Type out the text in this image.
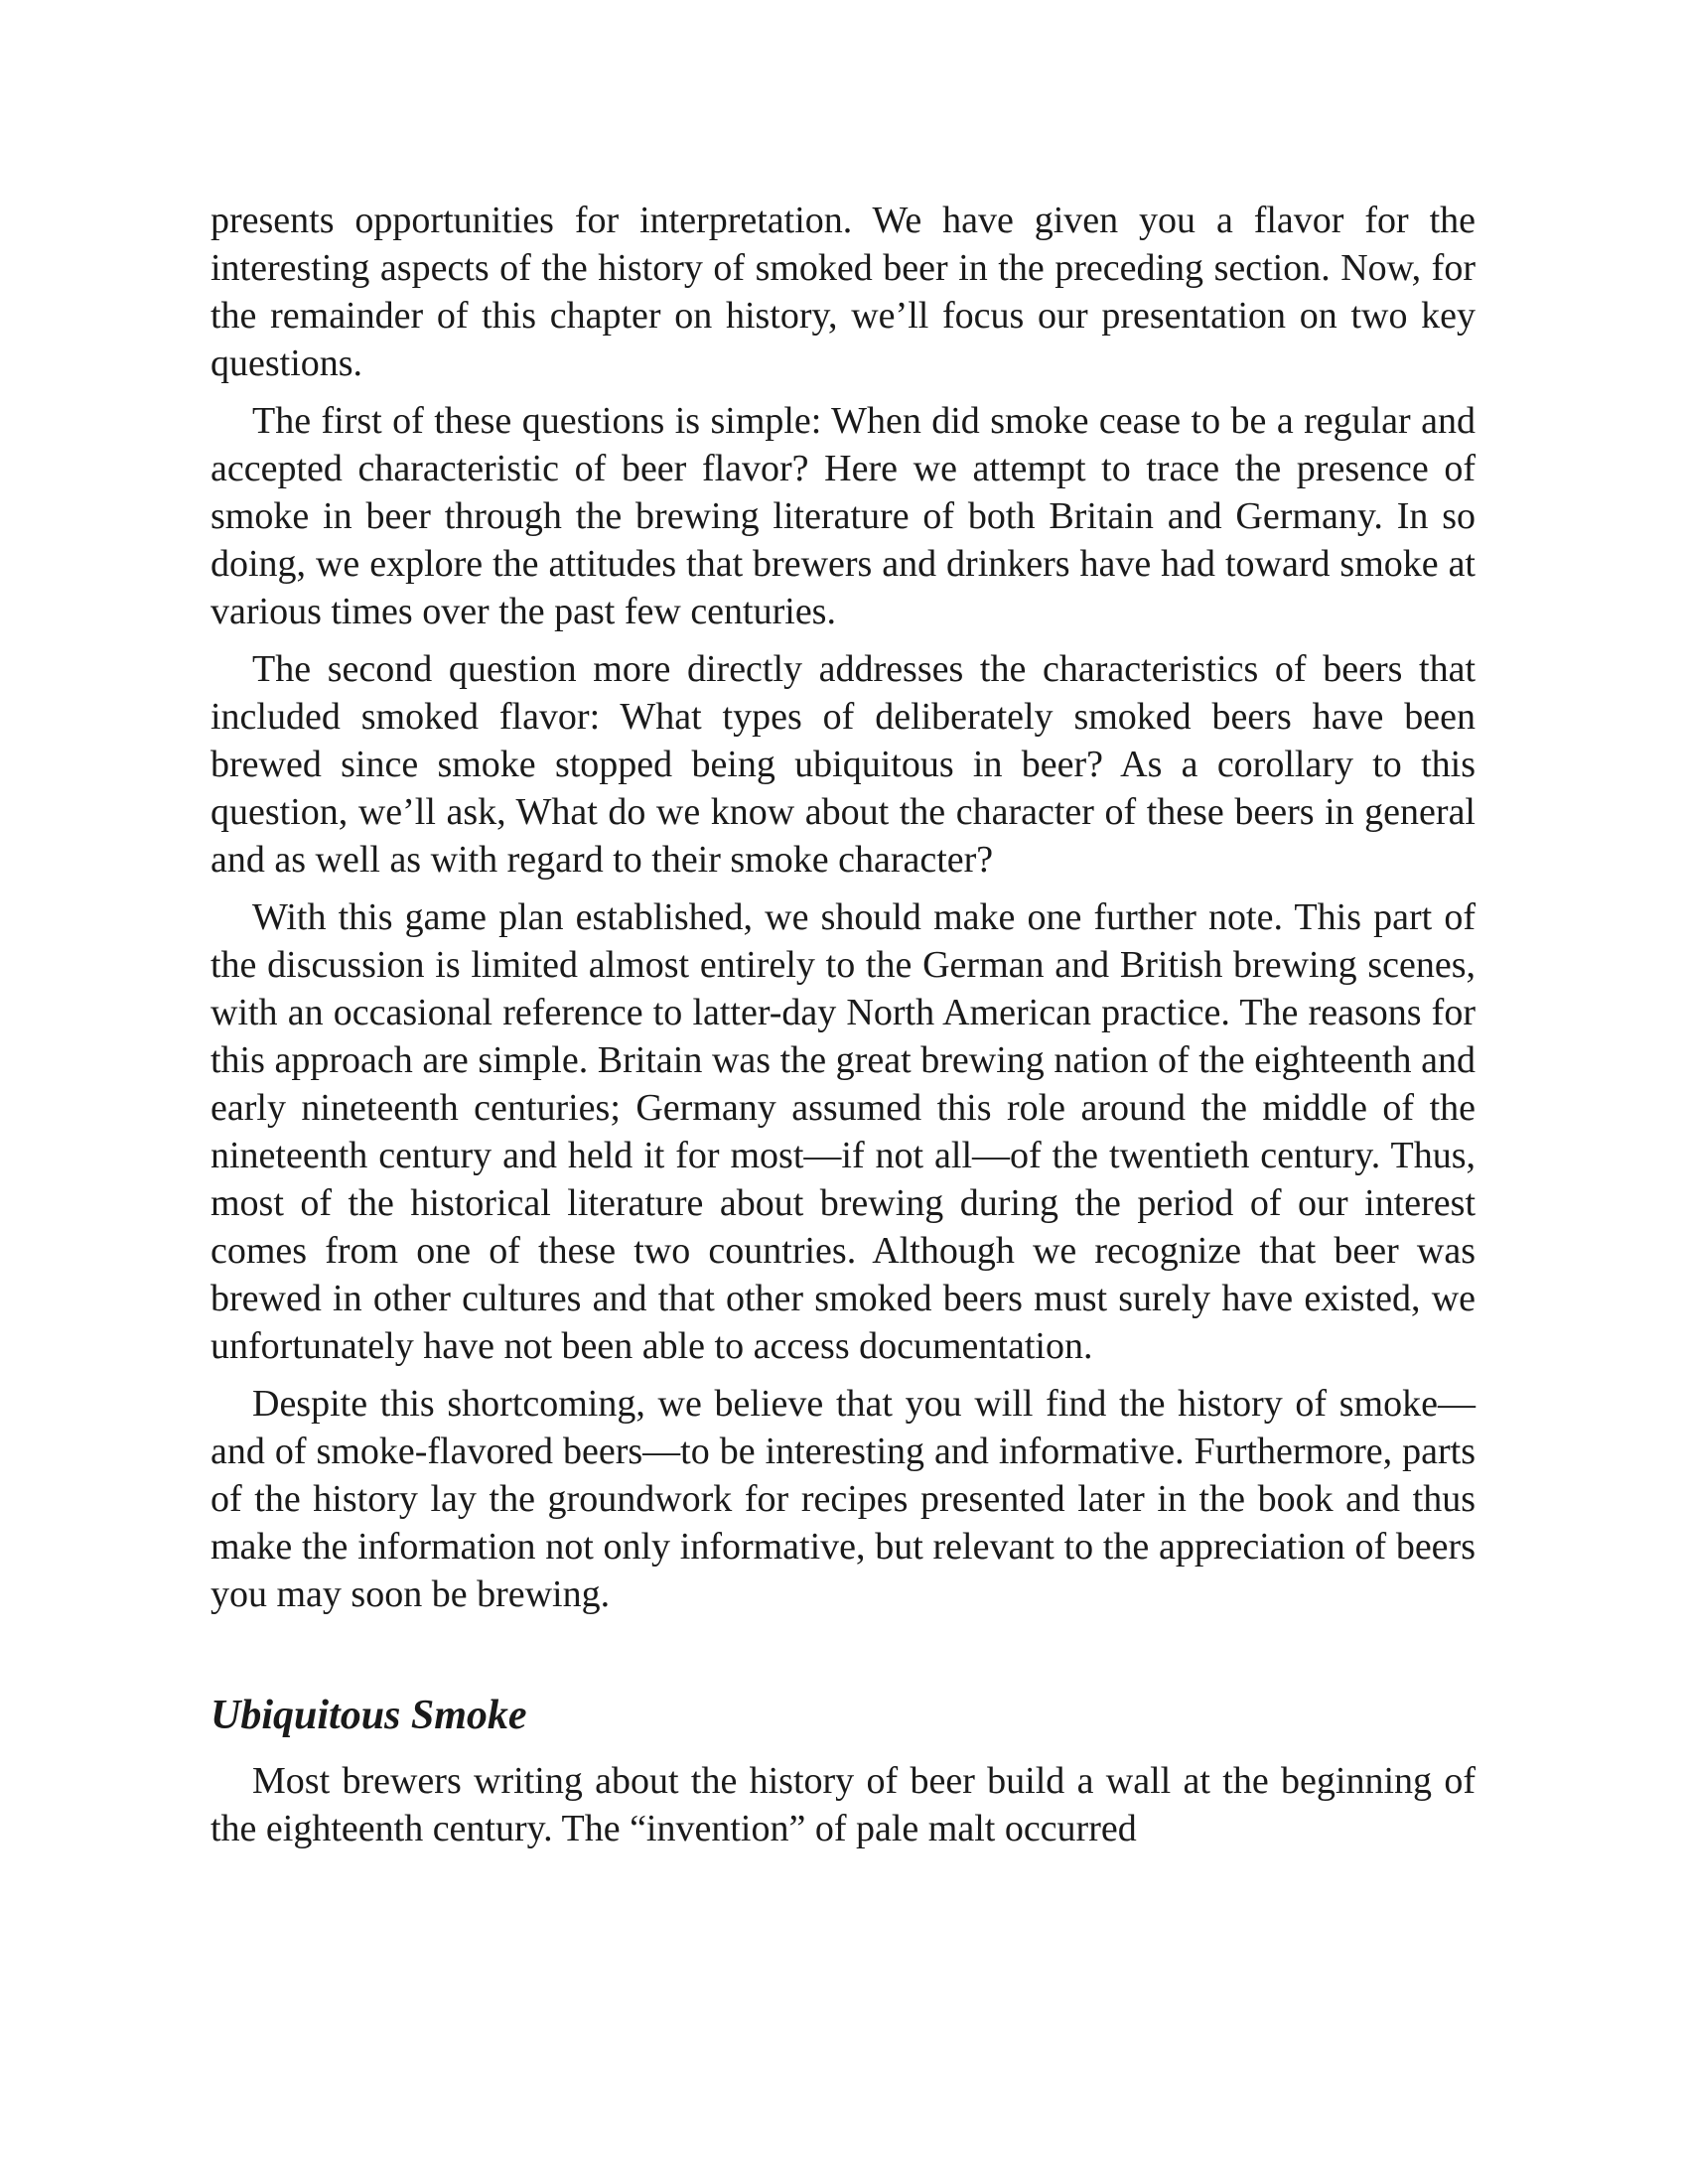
presents opportunities for interpretation. We have given you a flavor for the interesting aspects of the history of smoked beer in the preceding section. Now, for the remainder of this chapter on history, we’ll focus our presentation on two key questions.

The first of these questions is simple: When did smoke cease to be a regular and accepted characteristic of beer flavor? Here we attempt to trace the presence of smoke in beer through the brewing literature of both Britain and Germany. In so doing, we explore the attitudes that brewers and drinkers have had toward smoke at various times over the past few centuries.

The second question more directly addresses the characteristics of beers that included smoked flavor: What types of deliberately smoked beers have been brewed since smoke stopped being ubiquitous in beer? As a corollary to this question, we’ll ask, What do we know about the character of these beers in general and as well as with regard to their smoke character?

With this game plan established, we should make one further note. This part of the discussion is limited almost entirely to the German and British brewing scenes, with an occasional reference to latter-day North American practice. The reasons for this approach are simple. Britain was the great brewing nation of the eighteenth and early nineteenth centuries; Germany assumed this role around the middle of the nineteenth century and held it for most—if not all—of the twentieth century. Thus, most of the historical literature about brewing during the period of our interest comes from one of these two countries. Although we recognize that beer was brewed in other cultures and that other smoked beers must surely have existed, we unfortunately have not been able to access documentation.

Despite this shortcoming, we believe that you will find the history of smoke—and of smoke-flavored beers—to be interesting and informative. Furthermore, parts of the history lay the groundwork for recipes presented later in the book and thus make the information not only informative, but relevant to the appreciation of beers you may soon be brewing.

Ubiquitous Smoke

Most brewers writing about the history of beer build a wall at the beginning of the eighteenth century. The “invention” of pale malt occurred
